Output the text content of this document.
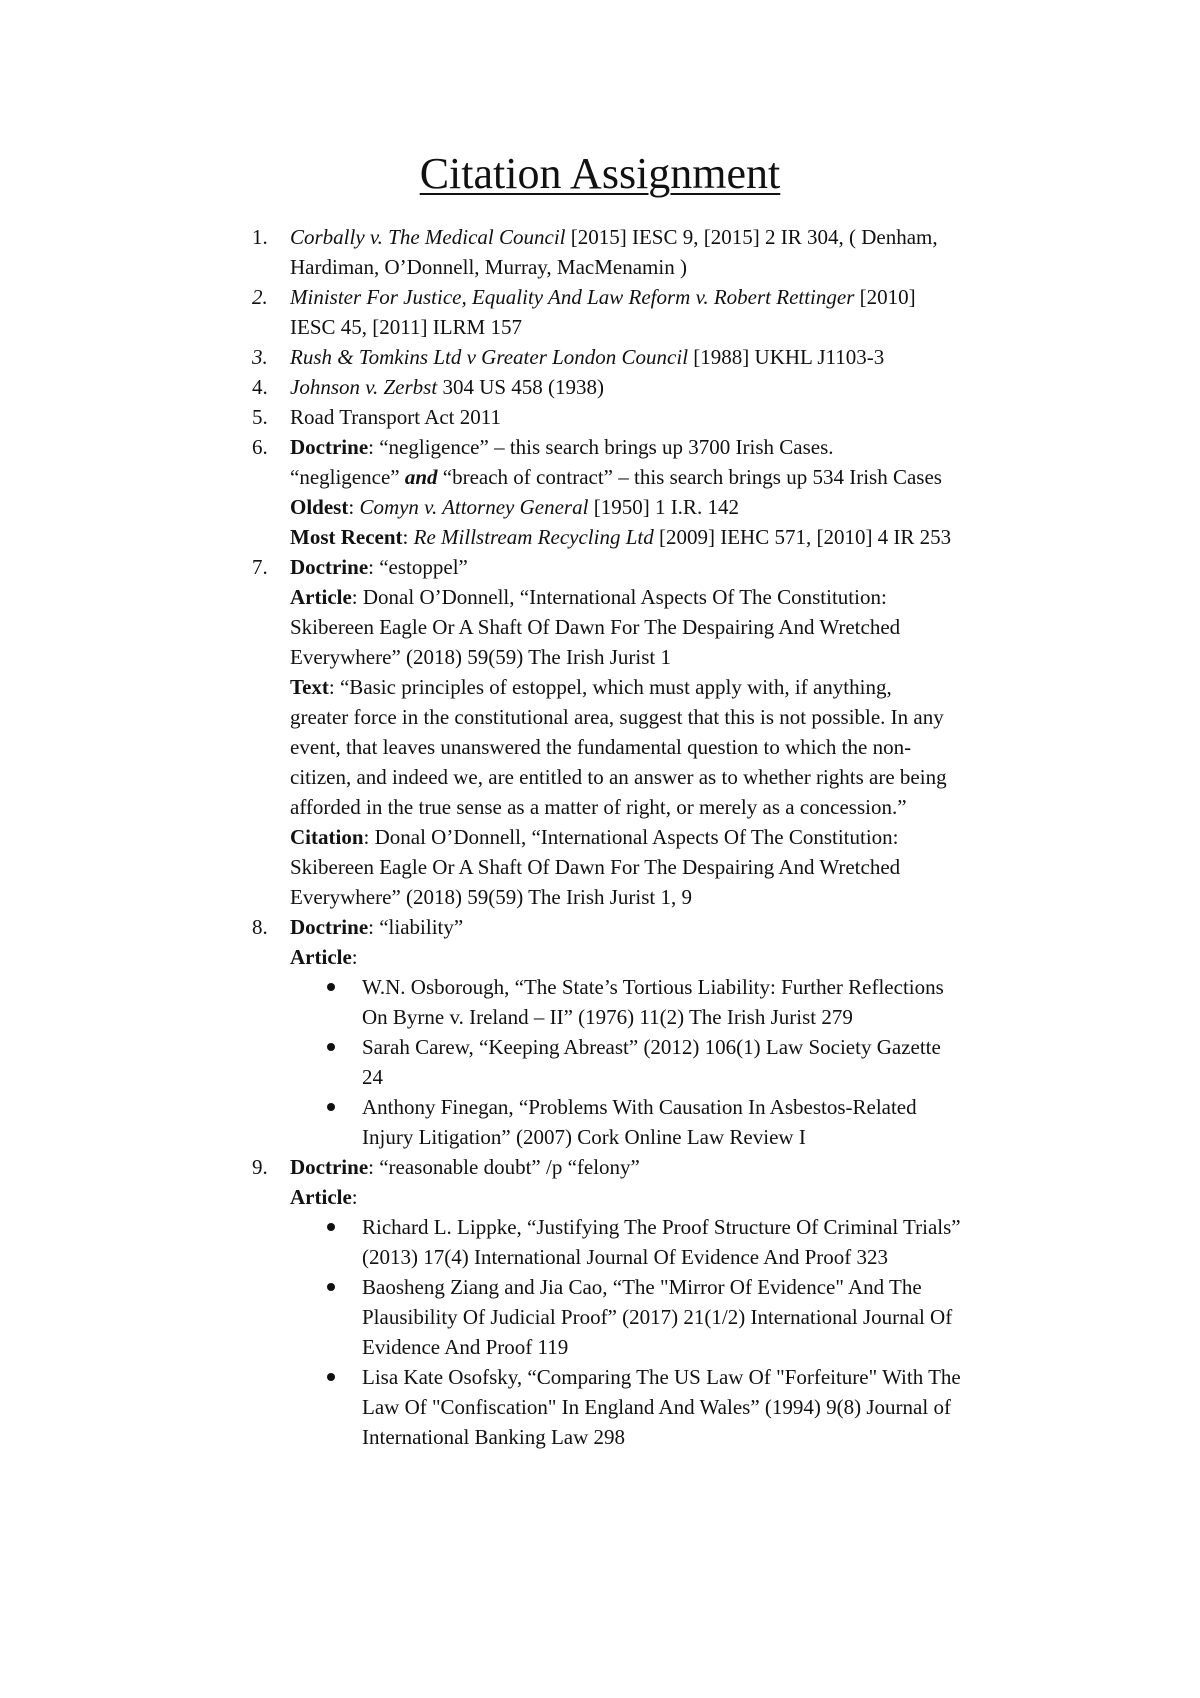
Citation Assignment
1.	Corbally v. The Medical Council [2015] IESC 9, [2015] 2 IR 304, ( Denham,
Hardiman, O’Donnell, Murray, MacMenamin )
2.	Minister For Justice, Equality And Law Reform v. Robert Rettinger [2010]
IESC 45, [2011] ILRM 157
3.	Rush & Tomkins Ltd v Greater London Council [1988] UKHL J1103-3
4.	Johnson v. Zerbst 304 US 458 (1938)
5.	Road Transport Act 2011
6.	Doctrine: “negligence” – this search brings up 3700 Irish Cases.
“negligence” and “breach of contract” – this search brings up 534 Irish Cases
Oldest: Comyn v. Attorney General [1950] 1 I.R. 142
Most Recent: Re Millstream Recycling Ltd [2009] IEHC 571, [2010] 4 IR 253
7.	Doctrine: “estoppel”
Article: Donal O’Donnell, “International Aspects Of The Constitution:
Skibereen Eagle Or A Shaft Of Dawn For The Despairing And Wretched
Everywhere” (2018) 59(59) The Irish Jurist 1
Text: “Basic principles of estoppel, which must apply with, if anything,
greater force in the constitutional area, suggest that this is not possible. In any
event, that leaves unanswered the fundamental question to which the non-
citizen, and indeed we, are entitled to an answer as to whether rights are being
afforded in the true sense as a matter of right, or merely as a concession.”
Citation: Donal O’Donnell, “International Aspects Of The Constitution:
Skibereen Eagle Or A Shaft Of Dawn For The Despairing And Wretched
Everywhere” (2018) 59(59) The Irish Jurist 1, 9
8.	Doctrine: “liability”
Article:
W.N. Osborough, “The State’s Tortious Liability: Further Reflections
On Byrne v. Ireland – II” (1976) 11(2) The Irish Jurist 279
Sarah Carew, “Keeping Abreast” (2012) 106(1) Law Society Gazette
24
Anthony Finegan, “Problems With Causation In Asbestos-Related
Injury Litigation” (2007) Cork Online Law Review I
9.	Doctrine: “reasonable doubt” /p “felony”
Article:
Richard L. Lippke, “Justifying The Proof Structure Of Criminal Trials”
(2013) 17(4) International Journal Of Evidence And Proof 323
Baosheng Ziang and Jia Cao, “The "Mirror Of Evidence" And The
Plausibility Of Judicial Proof” (2017) 21(1/2) International Journal Of
Evidence And Proof 119
Lisa Kate Osofsky, “Comparing The US Law Of "Forfeiture" With The
Law Of "Confiscation" In England And Wales” (1994) 9(8) Journal of
International Banking Law 298
